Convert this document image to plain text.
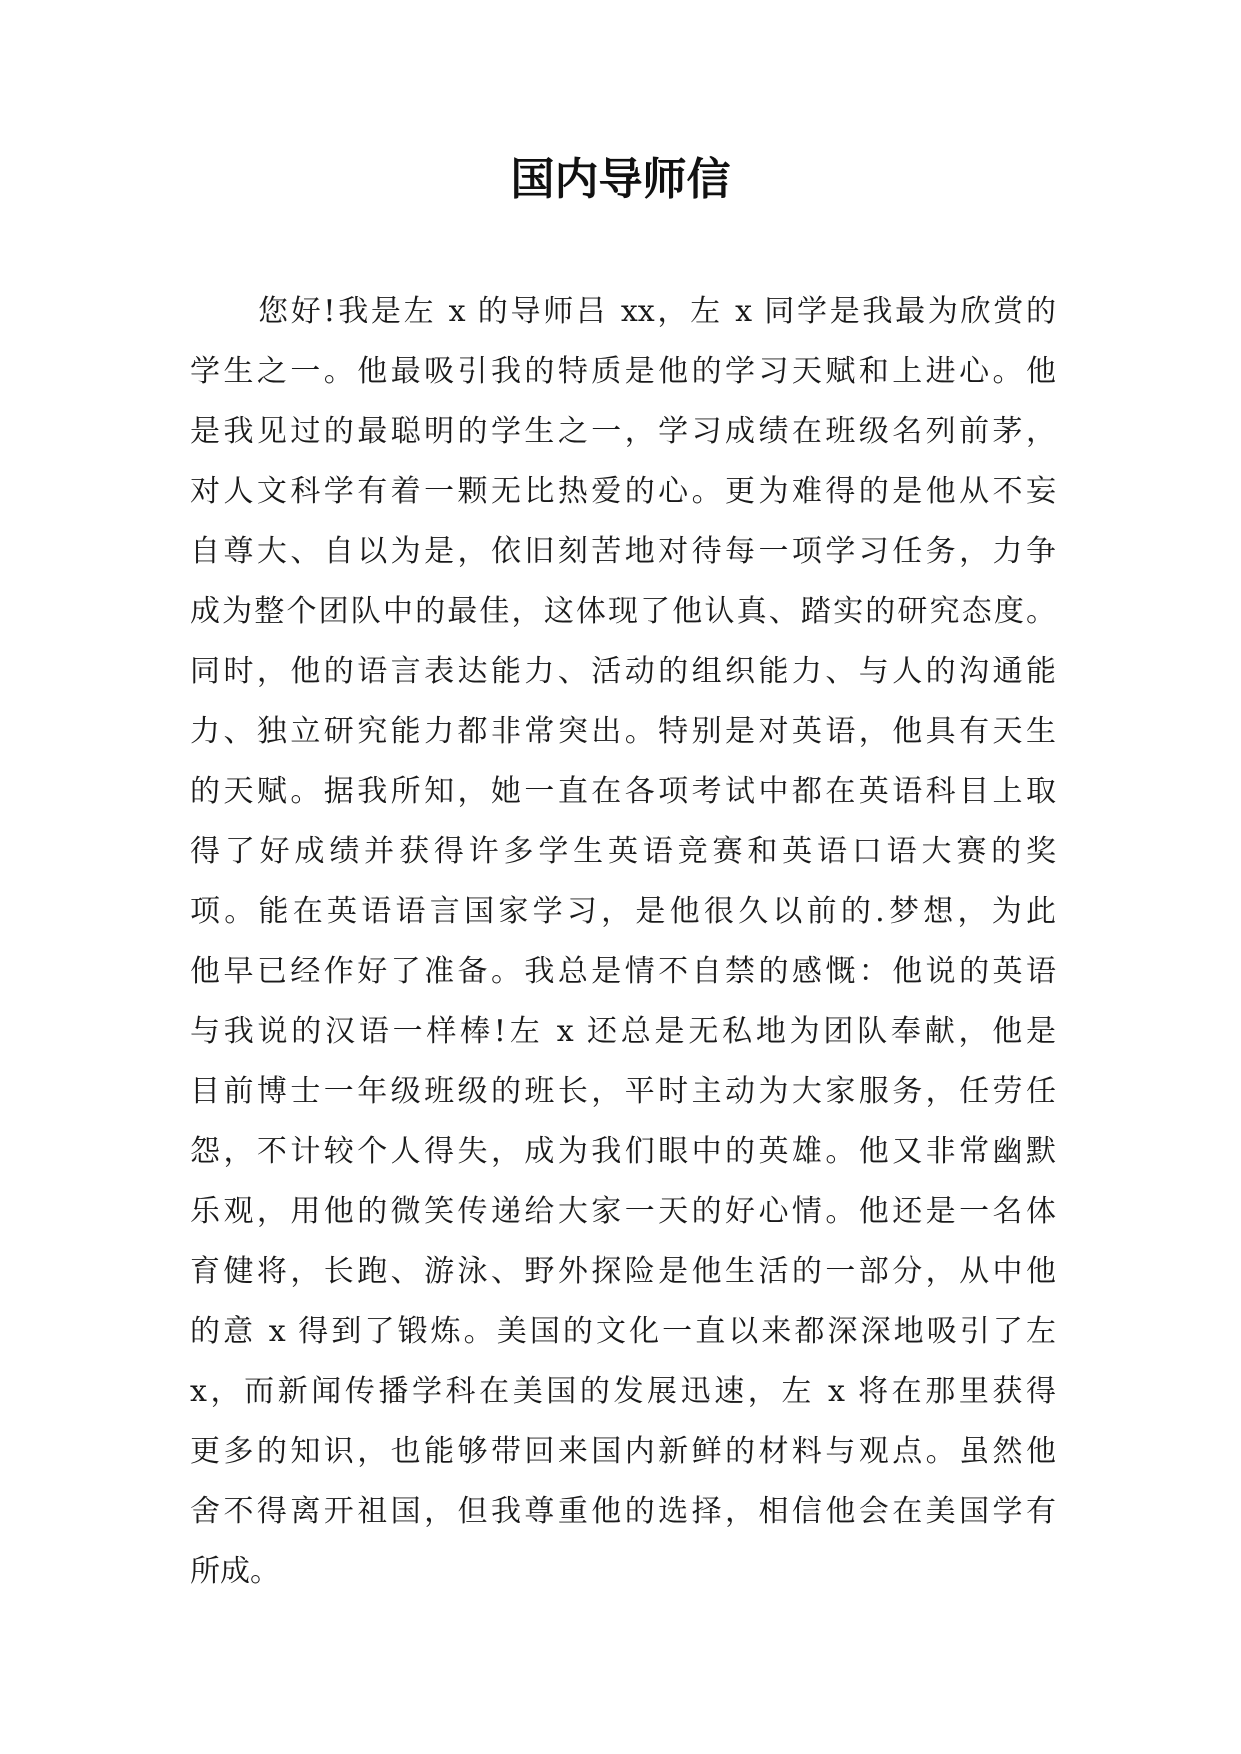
国内导师信
您好!我是左 x 的导师吕 xx，左 x 同学是我最为欣赏的
学生之一。他最吸引我的特质是他的学习天赋和上进心。他
是我见过的最聪明的学生之一，学习成绩在班级名列前茅，
对人文科学有着一颗无比热爱的心。更为难得的是他从不妄
自尊大、自以为是，依旧刻苦地对待每一项学习任务，力争
成为整个团队中的最佳，这体现了他认真、踏实的研究态度。
同时，他的语言表达能力、活动的组织能力、与人的沟通能
力、独立研究能力都非常突出。特别是对英语，他具有天生
的天赋。据我所知，她一直在各项考试中都在英语科目上取
得了好成绩并获得许多学生英语竞赛和英语口语大赛的奖
项。能在英语语言国家学习，是他很久以前的.梦想，为此
他早已经作好了准备。我总是情不自禁的感慨：他说的英语
与我说的汉语一样棒!左 x 还总是无私地为团队奉献，他是
目前博士一年级班级的班长，平时主动为大家服务，任劳任
怨，不计较个人得失，成为我们眼中的英雄。他又非常幽默
乐观，用他的微笑传递给大家一天的好心情。他还是一名体
育健将，长跑、游泳、野外探险是他生活的一部分，从中他
的意 x 得到了锻炼。美国的文化一直以来都深深地吸引了左
x，而新闻传播学科在美国的发展迅速，左 x 将在那里获得
更多的知识，也能够带回来国内新鲜的材料与观点。虽然他
舍不得离开祖国，但我尊重他的选择，相信他会在美国学有
所成。
